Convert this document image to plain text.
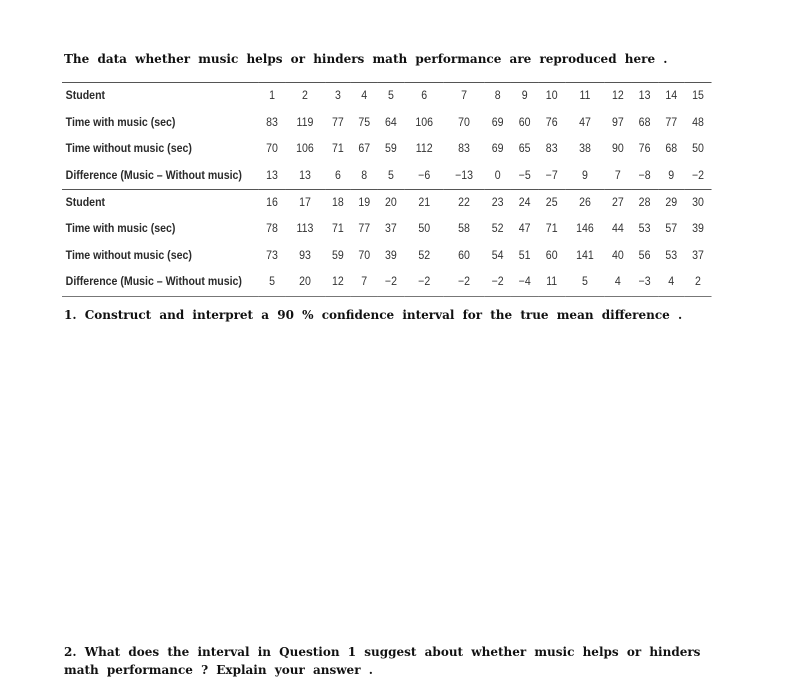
The data whether music helps or hinders math performance are reproduced here .
Student	1	2	3	4	5	6	7	8	9	10	11	12	13	14	15
Time with music (sec)	83	119	77	75	64	106	70	69	60	76	47	97	68	77	48
Time without music (sec)	70	106	71	67	59	112	83	69	65	83	38	90	76	68	50
Difference (Music – Without music)	13	13	6	8	5	−6	−13	0	−5	−7	9	7	−8	9	−2
Student	16	17	18	19	20	21	22	23	24	25	26	27	28	29	30
Time with music (sec)	78	113	71	77	37	50	58	52	47	71	146	44	53	57	39
Time without music (sec)	73	93	59	70	39	52	60	54	51	60	141	40	56	53	37
Difference (Music – Without music)	5	20	12	7	−2	−2	−2	−2	−4	11	5	4	−3	4	2
1. Construct and interpret a 90 % confidence interval for the true mean difference .
2. What does the interval in Question 1 suggest about whether music helps or hinders math performance ? Explain your answer .
